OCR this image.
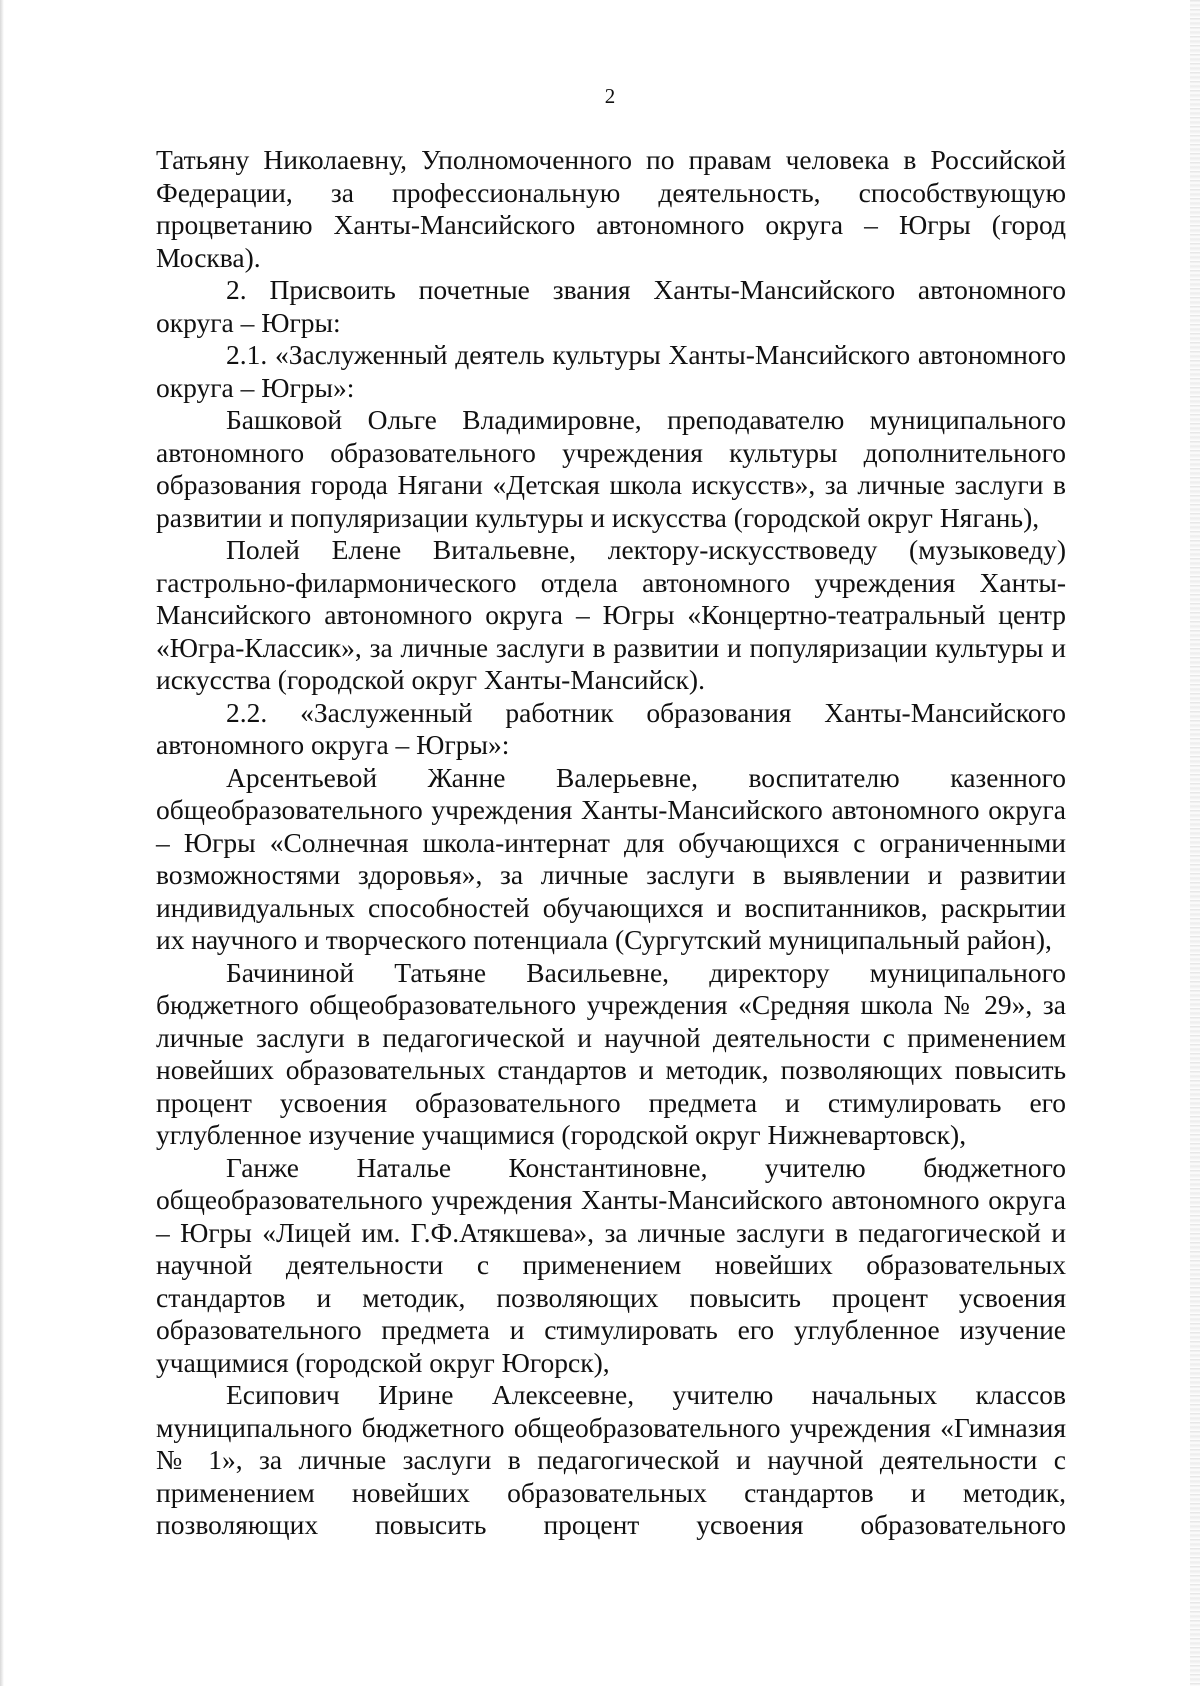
2

Татьяну Николаевну, Уполномоченного по правам человека в Российской Федерации, за профессиональную деятельность, способствующую процветанию Ханты-Мансийского автономного округа – Югры (город Москва).

2. Присвоить почетные звания Ханты-Мансийского автономного округа – Югры:

2.1. «Заслуженный деятель культуры Ханты-Мансийского автономного округа – Югры»:

Башковой Ольге Владимировне, преподавателю муниципального автономного образовательного учреждения культуры дополнительного образования города Нягани «Детская школа искусств», за личные заслуги в развитии и популяризации культуры и искусства (городской округ Нягань),

Полей Елене Витальевне, лектору-искусствоведу (музыковеду) гастрольно-филармонического отдела автономного учреждения Ханты-Мансийского автономного округа – Югры «Концертно-театральный центр «Югра-Классик», за личные заслуги в развитии и популяризации культуры и искусства (городской округ Ханты-Мансийск).

2.2. «Заслуженный работник образования Ханты-Мансийского автономного округа – Югры»:

Арсентьевой Жанне Валерьевне, воспитателю казенного общеобразовательного учреждения Ханты-Мансийского автономного округа – Югры «Солнечная школа-интернат для обучающихся с ограниченными возможностями здоровья», за личные заслуги в выявлении и развитии индивидуальных способностей обучающихся и воспитанников, раскрытии их научного и творческого потенциала (Сургутский муниципальный район),

Бачининой Татьяне Васильевне, директору муниципального бюджетного общеобразовательного учреждения «Средняя школа № 29», за личные заслуги в педагогической и научной деятельности с применением новейших образовательных стандартов и методик, позволяющих повысить процент усвоения образовательного предмета и стимулировать его углубленное изучение учащимися (городской округ Нижневартовск),

Ганже Наталье Константиновне, учителю бюджетного общеобразовательного учреждения Ханты-Мансийского автономного округа – Югры «Лицей им. Г.Ф.Атякшева», за личные заслуги в педагогической и научной деятельности с применением новейших образовательных стандартов и методик, позволяющих повысить процент усвоения образовательного предмета и стимулировать его углубленное изучение учащимися (городской округ Югорск),

Есипович Ирине Алексеевне, учителю начальных классов муниципального бюджетного общеобразовательного учреждения «Гимназия № 1», за личные заслуги в педагогической и научной деятельности с применением новейших образовательных стандартов и методик, позволяющих повысить процент усвоения образовательного
